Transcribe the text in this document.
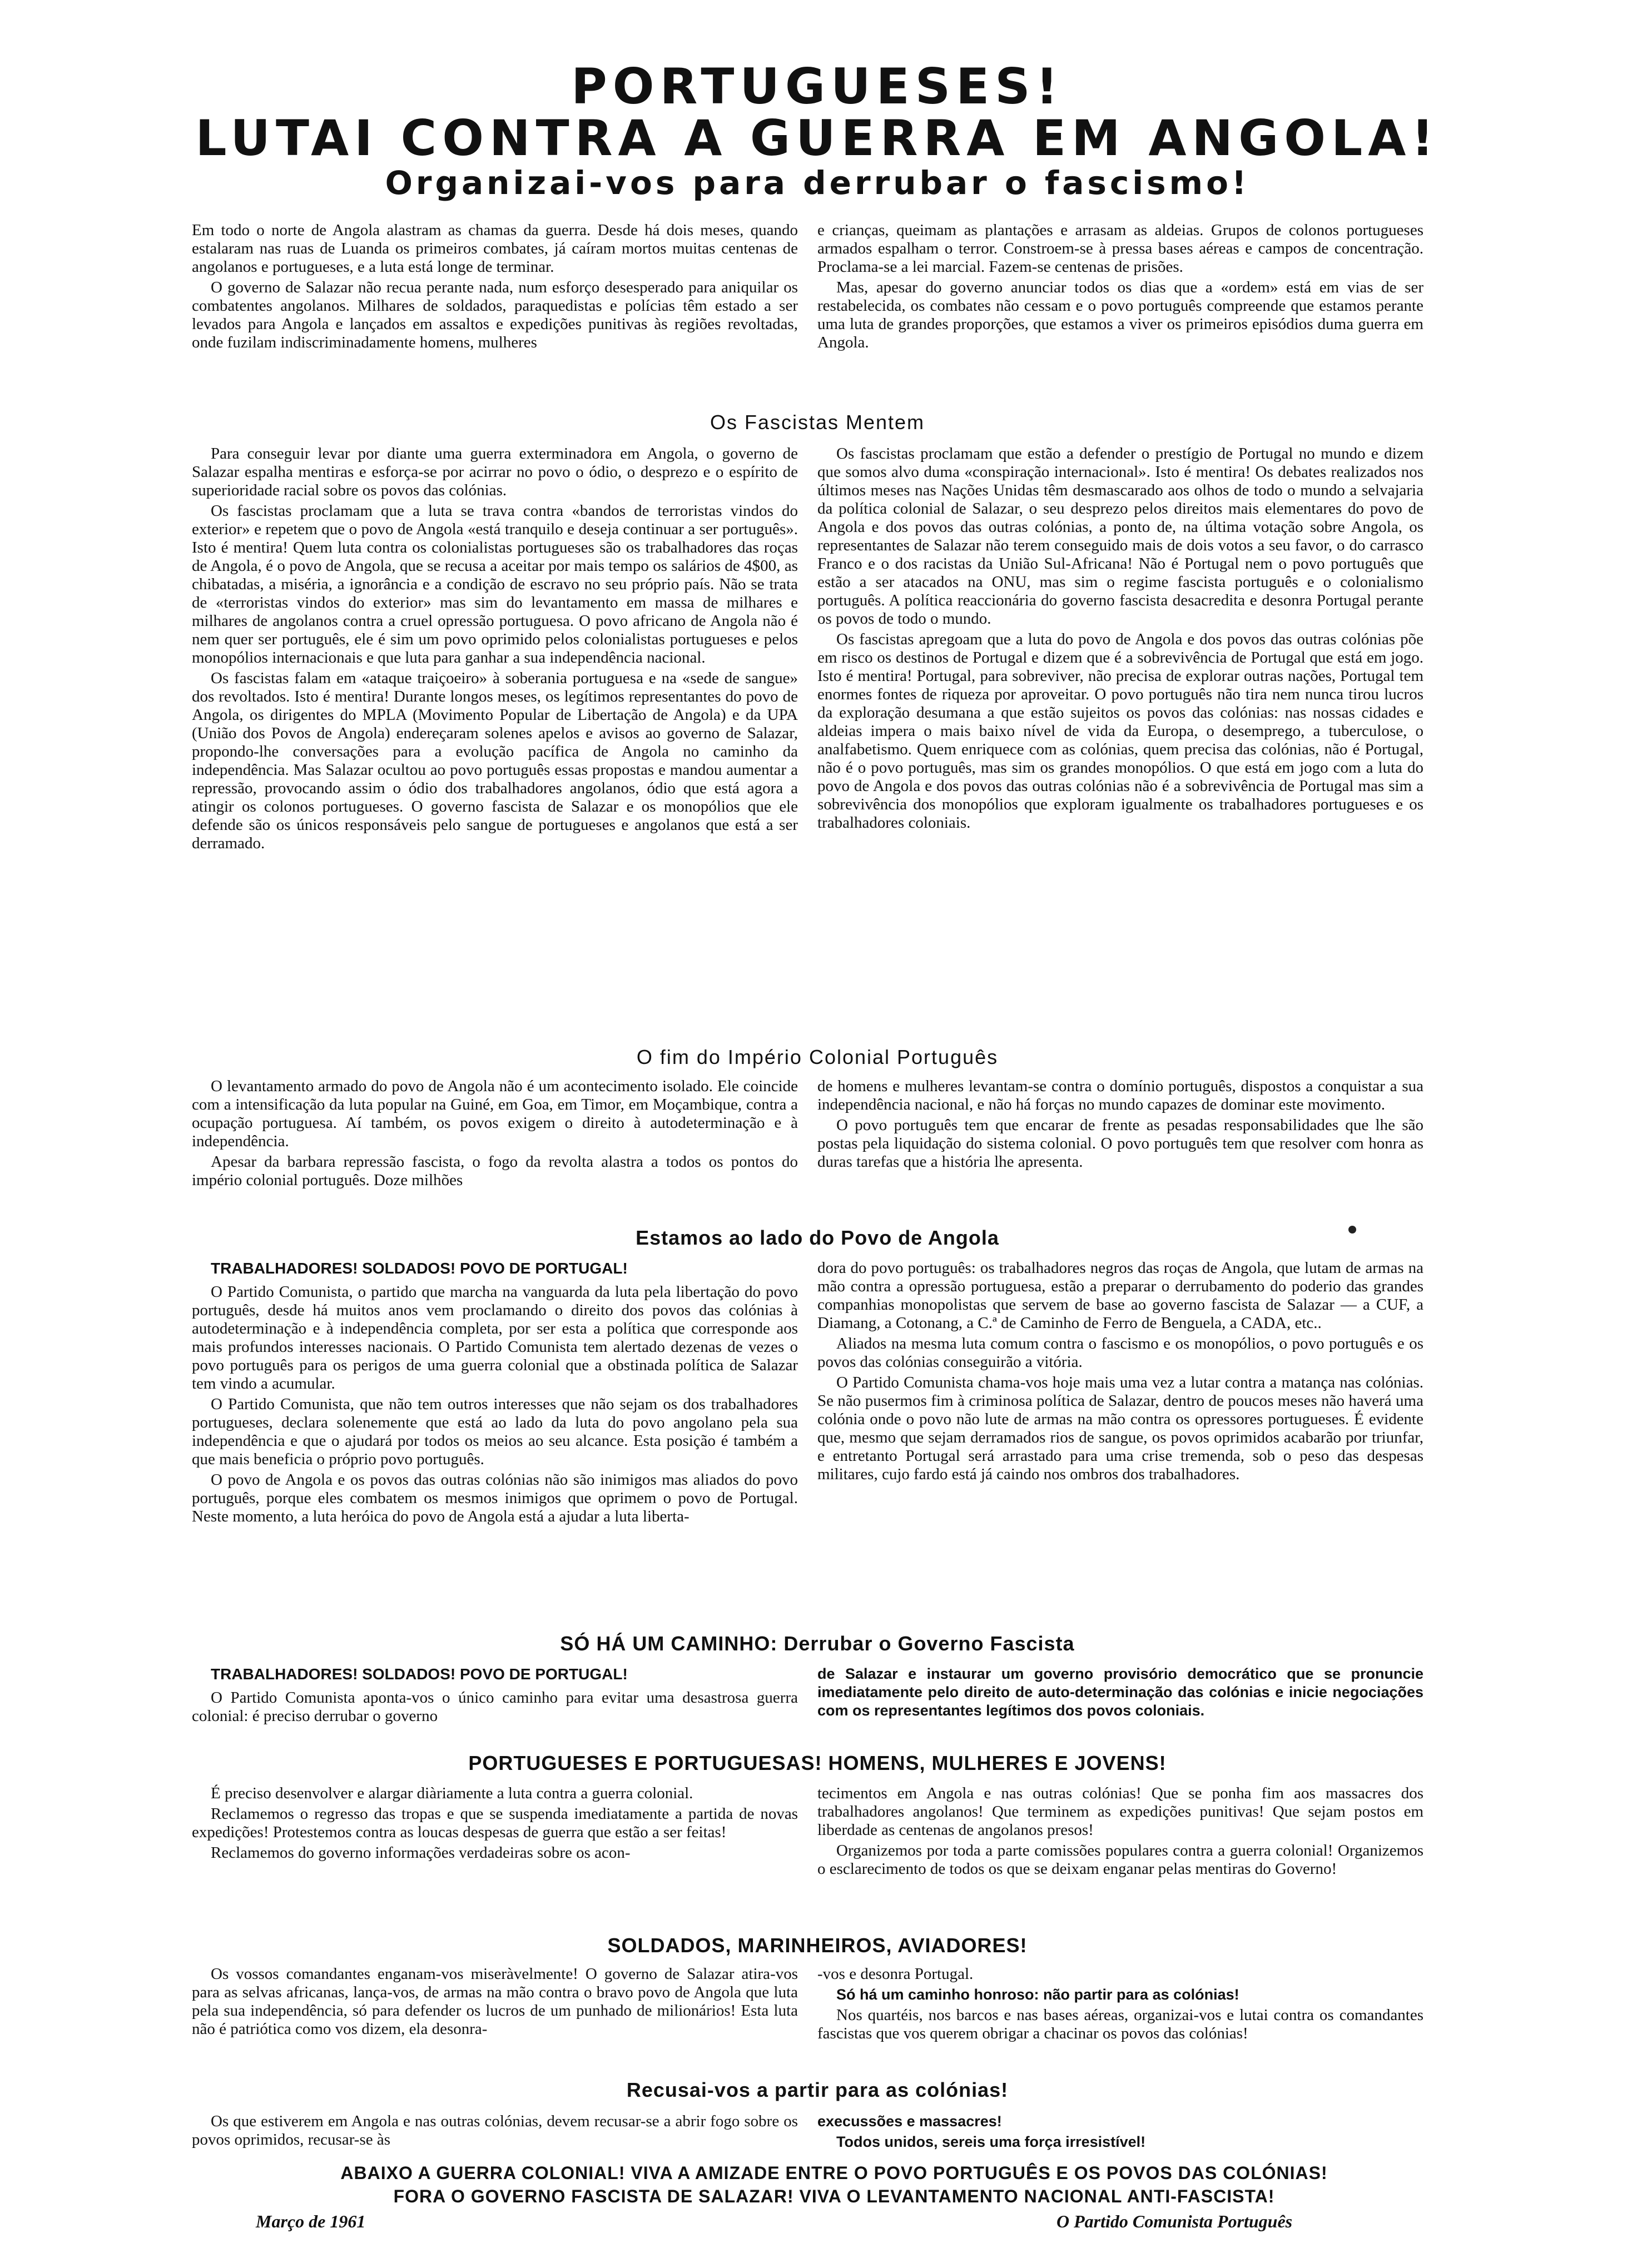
PORTUGUESES!
LUTAI CONTRA A GUERRA EM ANGOLA!
Organizai-vos para derrubar o fascismo!

Em todo o norte de Angola alastram as chamas da guerra. Desde há dois meses, quando estalaram nas ruas de Luanda os primeiros combates, já caíram mortos muitas centenas de angolanos e portugueses, e a luta está longe de terminar.

O governo de Salazar não recua perante nada, num esforço desesperado para aniquilar os combatentes angolanos. Milhares de soldados, paraquedistas e polícias têm estado a ser levados para Angola e lançados em assaltos e expedições punitivas às regiões revoltadas, onde fuzilam indiscriminadamente homens, mulheres

e crianças, queimam as plantações e arrasam as aldeias. Grupos de colonos portugueses armados espalham o terror. Constroem-se à pressa bases aéreas e campos de concentração. Proclama-se a lei marcial. Fazem-se centenas de prisões.

Mas, apesar do governo anunciar todos os dias que a «ordem» está em vias de ser restabelecida, os combates não cessam e o povo português compreende que estamos perante uma luta de grandes proporções, que estamos a viver os primeiros episódios duma guerra em Angola.

Os Fascistas Mentem

Para conseguir levar por diante uma guerra exterminadora em Angola, o governo de Salazar espalha mentiras e esforça-se por acirrar no povo o ódio, o desprezo e o espírito de superioridade racial sobre os povos das colónias.

Os fascistas proclamam que a luta se trava contra «bandos de terroristas vindos do exterior» e repetem que o povo de Angola «está tranquilo e deseja continuar a ser português». Isto é mentira! Quem luta contra os colonialistas portugueses são os trabalhadores das roças de Angola, é o povo de Angola, que se recusa a aceitar por mais tempo os salários de 4$00, as chibatadas, a miséria, a ignorância e a condição de escravo no seu próprio país. Não se trata de «terroristas vindos do exterior» mas sim do levantamento em massa de milhares e milhares de angolanos contra a cruel opressão portuguesa. O povo africano de Angola não é nem quer ser português, ele é sim um povo oprimido pelos colonialistas portugueses e pelos monopólios internacionais e que luta para ganhar a sua independência nacional.

Os fascistas falam em «ataque traiçoeiro» à soberania portuguesa e na «sede de sangue» dos revoltados. Isto é mentira! Durante longos meses, os legítimos representantes do povo de Angola, os dirigentes do MPLA (Movimento Popular de Libertação de Angola) e da UPA (União dos Povos de Angola) endereçaram solenes apelos e avisos ao governo de Salazar, propondo-lhe conversações para a evolução pacífica de Angola no caminho da independência. Mas Salazar ocultou ao povo português essas propostas e mandou aumentar a repressão, provocando assim o ódio dos trabalhadores angolanos, ódio que está agora a atingir os colonos portugueses. O governo fascista de Salazar e os monopólios que ele defende são os únicos responsáveis pelo sangue de portugueses e angolanos que está a ser derramado.

Os fascistas proclamam que estão a defender o prestígio de Portugal no mundo e dizem que somos alvo duma «conspiração internacional». Isto é mentira! Os debates realizados nos últimos meses nas Nações Unidas têm desmascarado aos olhos de todo o mundo a selvajaria da política colonial de Salazar, o seu desprezo pelos direitos mais elementares do povo de Angola e dos povos das outras colónias, a ponto de, na última votação sobre Angola, os representantes de Salazar não terem conseguido mais de dois votos a seu favor, o do carrasco Franco e o dos racistas da União Sul-Africana! Não é Portugal nem o povo português que estão a ser atacados na ONU, mas sim o regime fascista português e o colonialismo português. A política reaccionária do governo fascista desacredita e desonra Portugal perante os povos de todo o mundo.

Os fascistas apregoam que a luta do povo de Angola e dos povos das outras colónias põe em risco os destinos de Portugal e dizem que é a sobrevivência de Portugal que está em jogo. Isto é mentira! Portugal, para sobreviver, não precisa de explorar outras nações, Portugal tem enormes fontes de riqueza por aproveitar. O povo português não tira nem nunca tirou lucros da exploração desumana a que estão sujeitos os povos das colónias: nas nossas cidades e aldeias impera o mais baixo nível de vida da Europa, o desemprego, a tuberculose, o analfabetismo. Quem enriquece com as colónias, quem precisa das colónias, não é Portugal, não é o povo português, mas sim os grandes monopólios. O que está em jogo com a luta do povo de Angola e dos povos das outras colónias não é a sobrevivência de Portugal mas sim a sobrevivência dos monopólios que exploram igualmente os trabalhadores portugueses e os trabalhadores coloniais.

O fim do Império Colonial Português

O levantamento armado do povo de Angola não é um acontecimento isolado. Ele coincide com a intensificação da luta popular na Guiné, em Goa, em Timor, em Moçambique, contra a ocupação portuguesa. Aí também, os povos exigem o direito à autodeterminação e à independência.

Apesar da barbara repressão fascista, o fogo da revolta alastra a todos os pontos do império colonial português. Doze milhões

de homens e mulheres levantam-se contra o domínio português, dispostos a conquistar a sua independência nacional, e não há forças no mundo capazes de dominar este movimento.

O povo português tem que encarar de frente as pesadas responsabilidades que lhe são postas pela liquidação do sistema colonial. O povo português tem que resolver com honra as duras tarefas que a história lhe apresenta.

Estamos ao lado do Povo de Angola

TRABALHADORES! SOLDADOS! POVO DE PORTUGAL!

O Partido Comunista, o partido que marcha na vanguarda da luta pela libertação do povo português, desde há muitos anos vem proclamando o direito dos povos das colónias à autodeterminação e à independência completa, por ser esta a política que corresponde aos mais profundos interesses nacionais. O Partido Comunista tem alertado dezenas de vezes o povo português para os perigos de uma guerra colonial que a obstinada política de Salazar tem vindo a acumular.

O Partido Comunista, que não tem outros interesses que não sejam os dos trabalhadores portugueses, declara solenemente que está ao lado da luta do povo angolano pela sua independência e que o ajudará por todos os meios ao seu alcance. Esta posição é também a que mais beneficia o próprio povo português.

O povo de Angola e os povos das outras colónias não são inimigos mas aliados do povo português, porque eles combatem os mesmos inimigos que oprimem o povo de Portugal. Neste momento, a luta heróica do povo de Angola está a ajudar a luta liberta-

dora do povo português: os trabalhadores negros das roças de Angola, que lutam de armas na mão contra a opressão portuguesa, estão a preparar o derrubamento do poderio das grandes companhias monopolistas que servem de base ao governo fascista de Salazar — a CUF, a Diamang, a Cotonang, a C.ª de Caminho de Ferro de Benguela, a CADA, etc..

Aliados na mesma luta comum contra o fascismo e os monopólios, o povo português e os povos das colónias conseguirão a vitória.

O Partido Comunista chama-vos hoje mais uma vez a lutar contra a matança nas colónias. Se não pusermos fim à criminosa política de Salazar, dentro de poucos meses não haverá uma colónia onde o povo não lute de armas na mão contra os opressores portugueses. É evidente que, mesmo que sejam derramados rios de sangue, os povos oprimidos acabarão por triunfar, e entretanto Portugal será arrastado para uma crise tremenda, sob o peso das despesas militares, cujo fardo está já caindo nos ombros dos trabalhadores.

SÓ HÁ UM CAMINHO: Derrubar o Governo Fascista

TRABALHADORES! SOLDADOS! POVO DE PORTUGAL!

O Partido Comunista aponta-vos o único caminho para evitar uma desastrosa guerra colonial: é preciso derrubar o governo

de Salazar e instaurar um governo provisório democrático que se pronuncie imediatamente pelo direito de auto-determinação das colónias e inicie negociações com os representantes legítimos dos povos coloniais.

PORTUGUESES E PORTUGUESAS! HOMENS, MULHERES E JOVENS!

É preciso desenvolver e alargar diàriamente a luta contra a guerra colonial.

Reclamemos o regresso das tropas e que se suspenda imediatamente a partida de novas expedições! Protestemos contra as loucas despesas de guerra que estão a ser feitas!

Reclamemos do governo informações verdadeiras sobre os acon-

tecimentos em Angola e nas outras colónias! Que se ponha fim aos massacres dos trabalhadores angolanos! Que terminem as expedições punitivas! Que sejam postos em liberdade as centenas de angolanos presos!

Organizemos por toda a parte comissões populares contra a guerra colonial! Organizemos o esclarecimento de todos os que se deixam enganar pelas mentiras do Governo!

SOLDADOS, MARINHEIROS, AVIADORES!

Os vossos comandantes enganam-vos miseràvelmente! O governo de Salazar atira-vos para as selvas africanas, lança-vos, de armas na mão contra o bravo povo de Angola que luta pela sua independência, só para defender os lucros de um punhado de milionários! Esta luta não é patriótica como vos dizem, ela desonra-

-vos e desonra Portugal.

Só há um caminho honroso: não partir para as colónias!

Nos quartéis, nos barcos e nas bases aéreas, organizai-vos e lutai contra os comandantes fascistas que vos querem obrigar a chacinar os povos das colónias!

Recusai-vos a partir para as colónias!

Os que estiverem em Angola e nas outras colónias, devem recusar-se a abrir fogo sobre os povos oprimidos, recusar-se às

execussões e massacres!

Todos unidos, sereis uma força irresistível!

ABAIXO A GUERRA COLONIAL! VIVA A AMIZADE ENTRE O POVO PORTUGUÊS E OS POVOS DAS COLÓNIAS!
FORA O GOVERNO FASCISTA DE SALAZAR! VIVA O LEVANTAMENTO NACIONAL ANTI-FASCISTA!
Março de 1961	O Partido Comunista Português
